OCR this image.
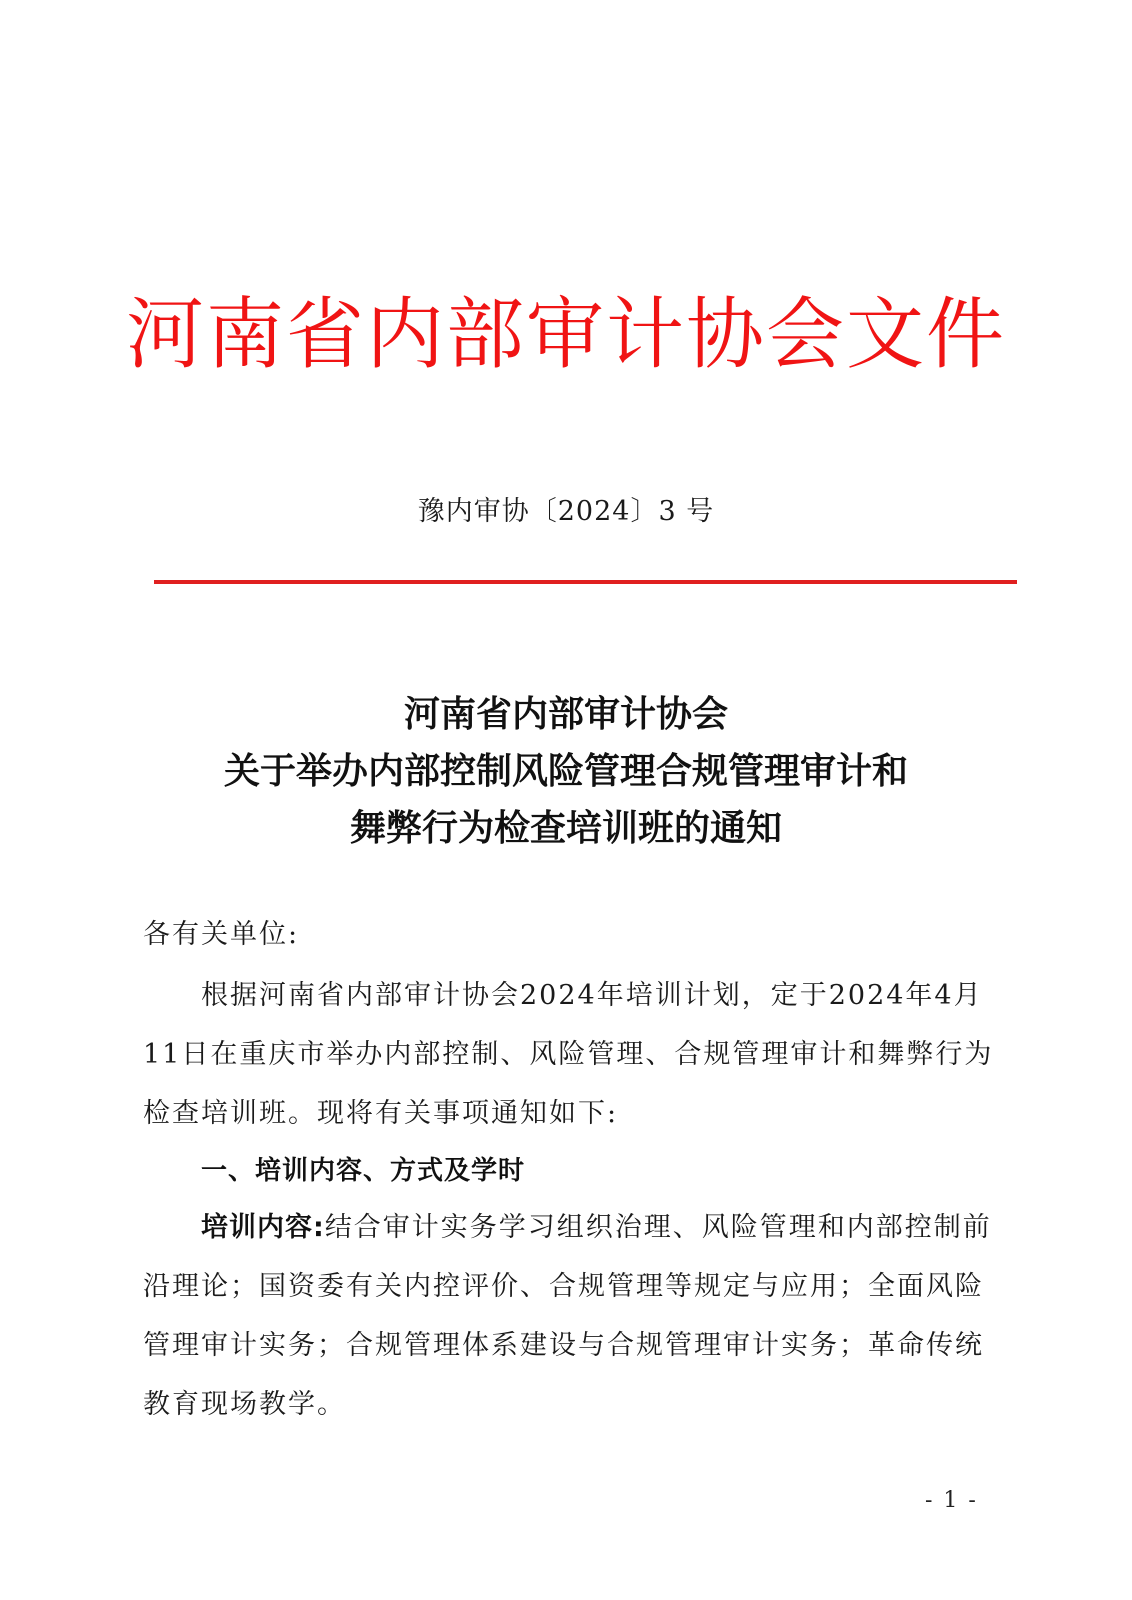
河南省内部审计协会文件
豫内审协〔2024〕3 号
河南省内部审计协会
关于举办内部控制风险管理合规管理审计和
舞弊行为检查培训班的通知
各有关单位:
根据河南省内部审计协会2024年培训计划，定于2024年4月11日在重庆市举办内部控制、风险管理、合规管理审计和舞弊行为检查培训班。现将有关事项通知如下:
一、培训内容、方式及学时
培训内容:结合审计实务学习组织治理、风险管理和内部控制前沿理论；国资委有关内控评价、合规管理等规定与应用；全面风险管理审计实务；合规管理体系建设与合规管理审计实务；革命传统教育现场教学。
- 1 -
